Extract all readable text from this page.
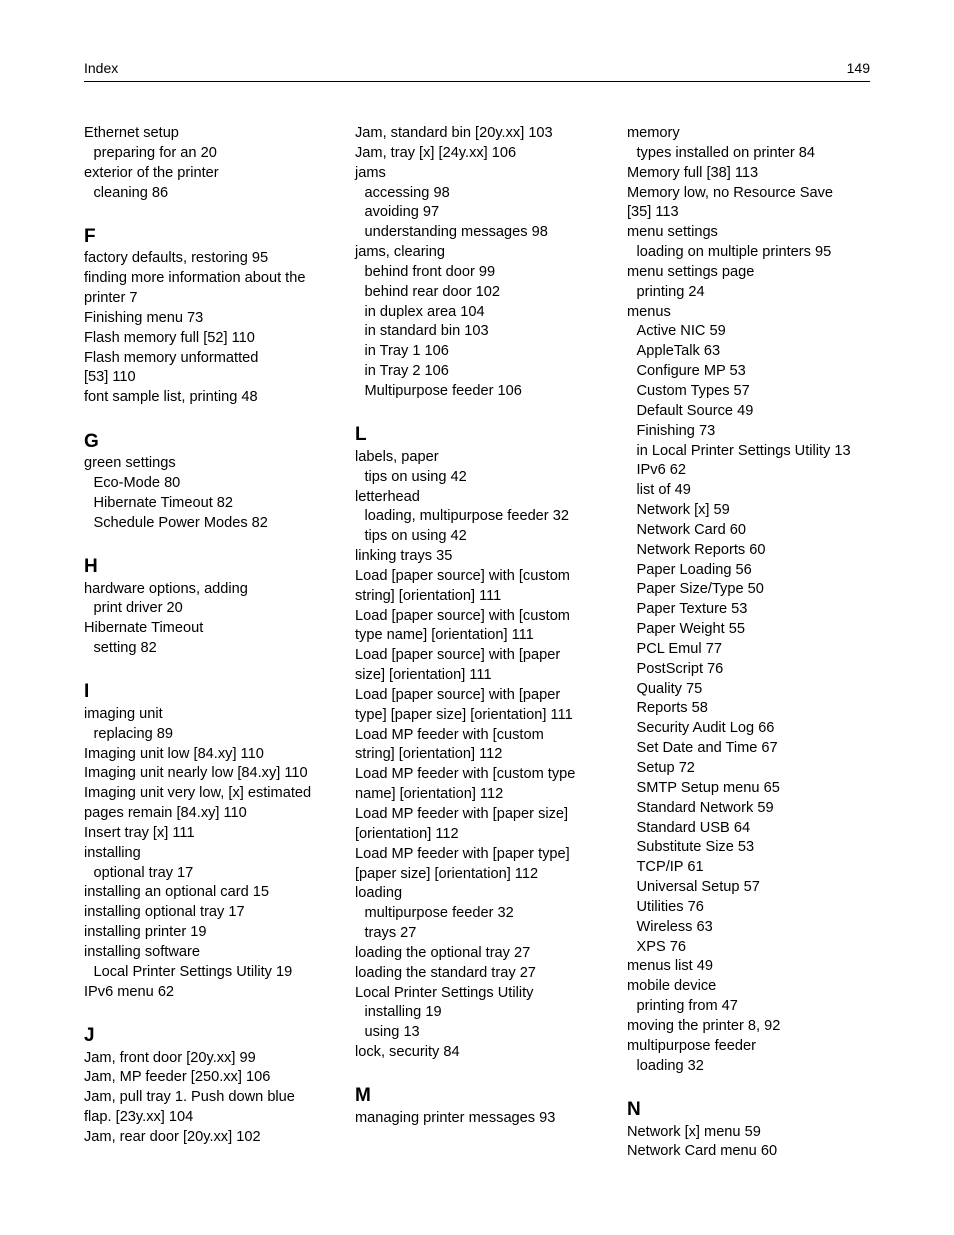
Index	149
Ethernet setup
preparing for an 20
exterior of the printer
cleaning 86
F
factory defaults, restoring 95
finding more information about the
printer 7
Finishing menu 73
Flash memory full [52] 110
Flash memory unformatted
[53] 110
font sample list, printing 48
G
green settings
Eco-Mode 80
Hibernate Timeout 82
Schedule Power Modes 82
H
hardware options, adding
print driver 20
Hibernate Timeout
setting 82
I
imaging unit
replacing 89
Imaging unit low [84.xy] 110
Imaging unit nearly low [84.xy] 110
Imaging unit very low, [x] estimated
pages remain [84.xy] 110
Insert tray [x] 111
installing
optional tray 17
installing an optional card 15
installing optional tray 17
installing printer 19
installing software
Local Printer Settings Utility 19
IPv6 menu 62
J
Jam, front door [20y.xx] 99
Jam, MP feeder [250.xx] 106
Jam, pull tray 1. Push down blue
flap. [23y.xx] 104
Jam, rear door [20y.xx] 102
Jam, standard bin [20y.xx] 103
Jam, tray [x] [24y.xx] 106
jams
accessing 98
avoiding 97
understanding messages 98
jams, clearing
behind front door 99
behind rear door 102
in duplex area 104
in standard bin 103
in Tray 1 106
in Tray 2 106
Multipurpose feeder 106
L
labels, paper
tips on using 42
letterhead
loading, multipurpose feeder 32
tips on using 42
linking trays 35
Load [paper source] with [custom
string] [orientation] 111
Load [paper source] with [custom
type name] [orientation] 111
Load [paper source] with [paper
size] [orientation] 111
Load [paper source] with [paper
type] [paper size] [orientation] 111
Load MP feeder with [custom
string] [orientation] 112
Load MP feeder with [custom type
name] [orientation] 112
Load MP feeder with [paper size]
[orientation] 112
Load MP feeder with [paper type]
[paper size] [orientation] 112
loading
multipurpose feeder 32
trays 27
loading the optional tray 27
loading the standard tray 27
Local Printer Settings Utility
installing 19
using 13
lock, security 84
M
managing printer messages 93
memory
types installed on printer 84
Memory full [38] 113
Memory low, no Resource Save
[35] 113
menu settings
loading on multiple printers 95
menu settings page
printing 24
menus
Active NIC 59
AppleTalk 63
Configure MP 53
Custom Types 57
Default Source 49
Finishing 73
in Local Printer Settings Utility 13
IPv6 62
list of 49
Network [x] 59
Network Card 60
Network Reports 60
Paper Loading 56
Paper Size/Type 50
Paper Texture 53
Paper Weight 55
PCL Emul 77
PostScript 76
Quality 75
Reports 58
Security Audit Log 66
Set Date and Time 67
Setup 72
SMTP Setup menu 65
Standard Network 59
Standard USB 64
Substitute Size 53
TCP/IP 61
Universal Setup 57
Utilities 76
Wireless 63
XPS 76
menus list 49
mobile device
printing from 47
moving the printer 8, 92
multipurpose feeder
loading 32
N
Network [x] menu 59
Network Card menu 60
